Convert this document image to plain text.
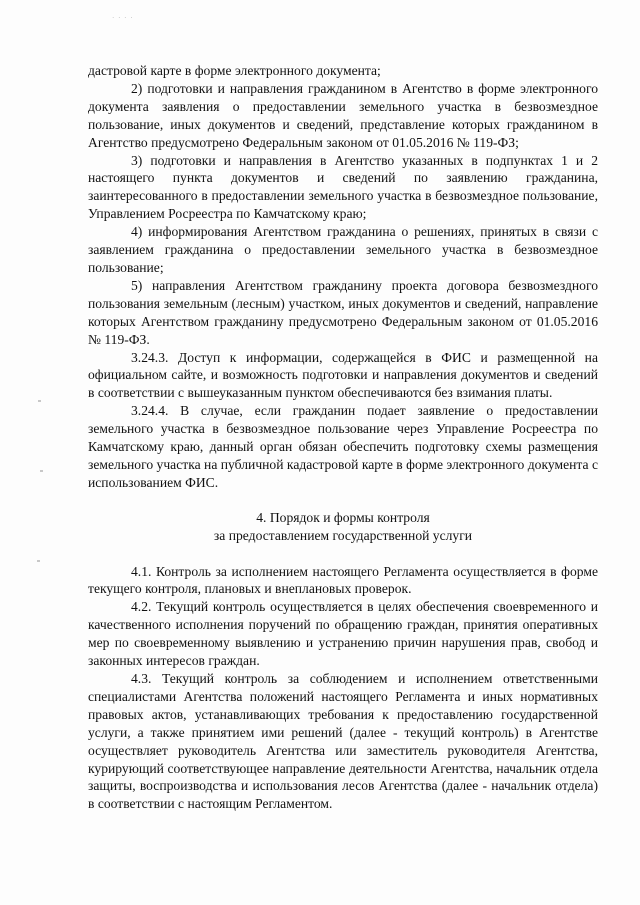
· · · ·

дастровой карте в форме электронного документа;

2) подготовки и направления гражданином в Агентство в форме электронного документа заявления о предоставлении земельного участка в безвозмездное пользование, иных документов и сведений, представление которых гражданином в Агентство предусмотрено Федеральным законом от 01.05.2016 № 119-ФЗ;

3) подготовки и направления в Агентство указанных в подпунктах 1 и 2 настоящего пункта документов и сведений по заявлению гражданина, заинтересованного в предоставлении земельного участка в безвозмездное пользование, Управлением Росреестра по Камчатскому краю;

4) информирования Агентством гражданина о решениях, принятых в связи с заявлением гражданина о предоставлении земельного участка в безвозмездное пользование;

5) направления Агентством гражданину проекта договора безвозмездного пользования земельным (лесным) участком, иных документов и сведений, направление которых Агентством гражданину предусмотрено Федеральным законом от 01.05.2016 № 119-ФЗ.

3.24.3. Доступ к информации, содержащейся в ФИС и размещенной на официальном сайте, и возможность подготовки и направления документов и сведений в соответствии с вышеуказанным пунктом обеспечиваются без взимания платы.

3.24.4. В случае, если гражданин подает заявление о предоставлении земельного участка в безвозмездное пользование через Управление Росреестра по Камчатскому краю, данный орган обязан обеспечить подготовку схемы размещения земельного участка на публичной кадастровой карте в форме электронного документа с использованием ФИС.

4. Порядок и формы контроля

за предоставлением государственной услуги

4.1. Контроль за исполнением настоящего Регламента осуществляется в форме текущего контроля, плановых и внеплановых проверок.

4.2. Текущий контроль осуществляется в целях обеспечения своевременного и качественного исполнения поручений по обращению граждан, принятия оперативных мер по своевременному выявлению и устранению причин нарушения прав, свобод и законных интересов граждан.

4.3. Текущий контроль за соблюдением и исполнением ответственными специалистами Агентства положений настоящего Регламента и иных нормативных правовых актов, устанавливающих требования к предоставлению государственной услуги, а также принятием ими решений (далее - текущий контроль) в Агентстве осуществляет руководитель Агентства или заместитель руководителя Агентства, курирующий соответствующее направление деятельности Агентства, начальник отдела защиты, воспроизводства и использования лесов Агентства (далее - начальник отдела) в соответствии с настоящим Регламентом.
